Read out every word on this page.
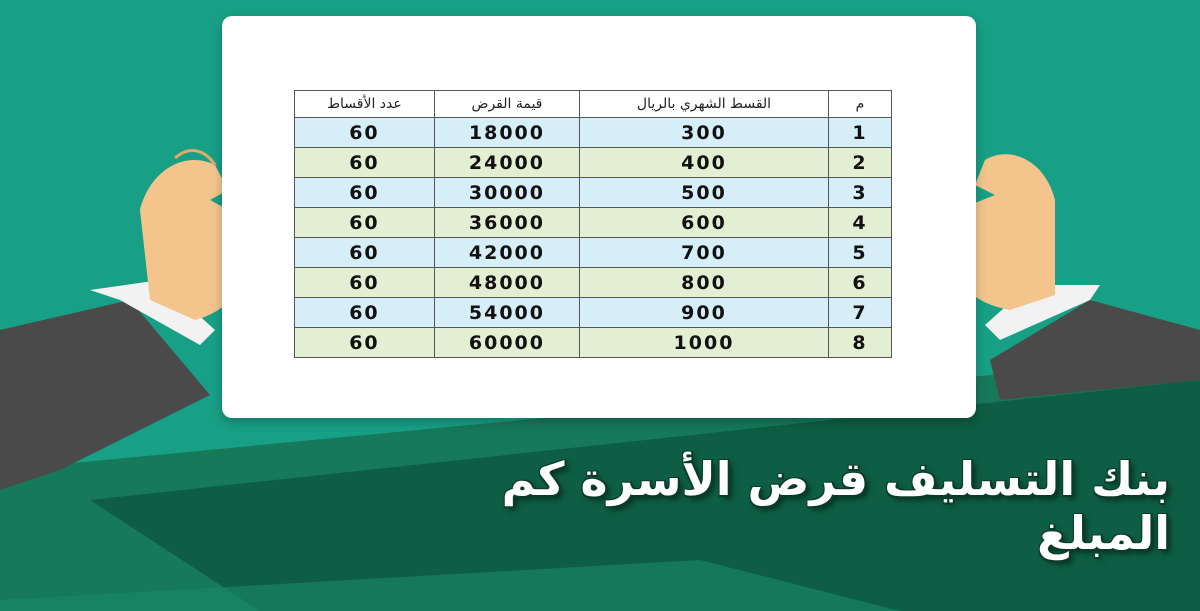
م	القسط الشهري بالريال	قيمة القرض	عدد الأقساط
1	300	18000	60
2	400	24000	60
3	500	30000	60
4	600	36000	60
5	700	42000	60
6	800	48000	60
7	900	54000	60
8	1000	60000	60
بنك التسليف قرض الأسرة كم المبلغ
